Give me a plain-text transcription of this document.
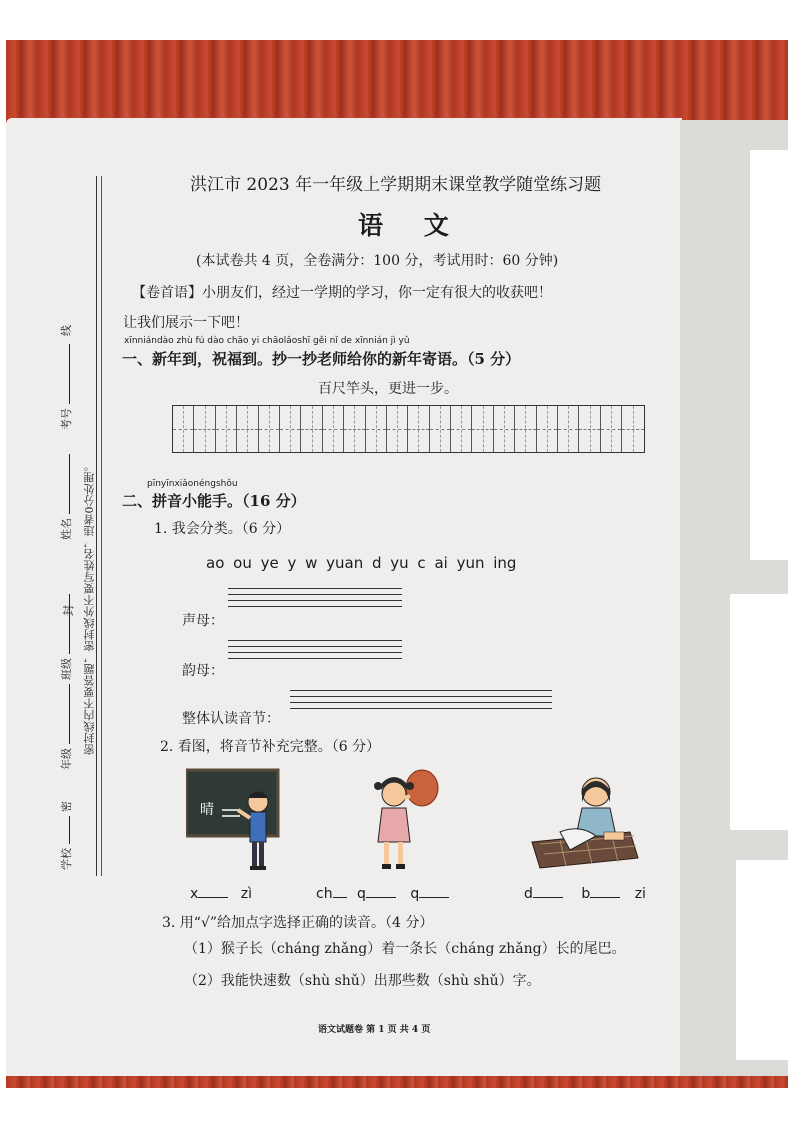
考号线
姓名
封
班级
年级
学校密
密封线内不要答题，密封线外不要写姓名，违者0分处理。
洪江市 2023 年一年级上学期期末课堂教学随堂练习题
语 文
(本试卷共 4 页，全卷满分：100 分，考试用时：60 分钟)
【卷首语】小朋友们，经过一学期的学习，你一定有很大的收获吧！
让我们展示一下吧！
xīnniándào zhù fú dào chāo yi chāolǎoshī gěi nǐ de xīnnián jì yǔ
一、新年到，祝福到。抄一抄老师给你的新年寄语。（5 分）
百尺竿头，更进一步。
pīnyīnxiǎonéngshǒu
二、拼音小能手。（16 分）
1. 我会分类。（6 分）
ao ou ye y w yuan d yu c ai yun ing
声母：
韵母：
整体认读音节：
2. 看图，将音节补充完整。（6 分）
晴
x	zì	ch q	q	d	b	zi
3. 用“√”给加点字选择正确的读音。（4 分）
（1）猴子长（cháng zhǎng）着一条长（cháng zhǎng）长的尾巴。
（2）我能快速数（shù shǔ）出那些数（shù shǔ）字。
语文试题卷 第 1 页 共 4 页
